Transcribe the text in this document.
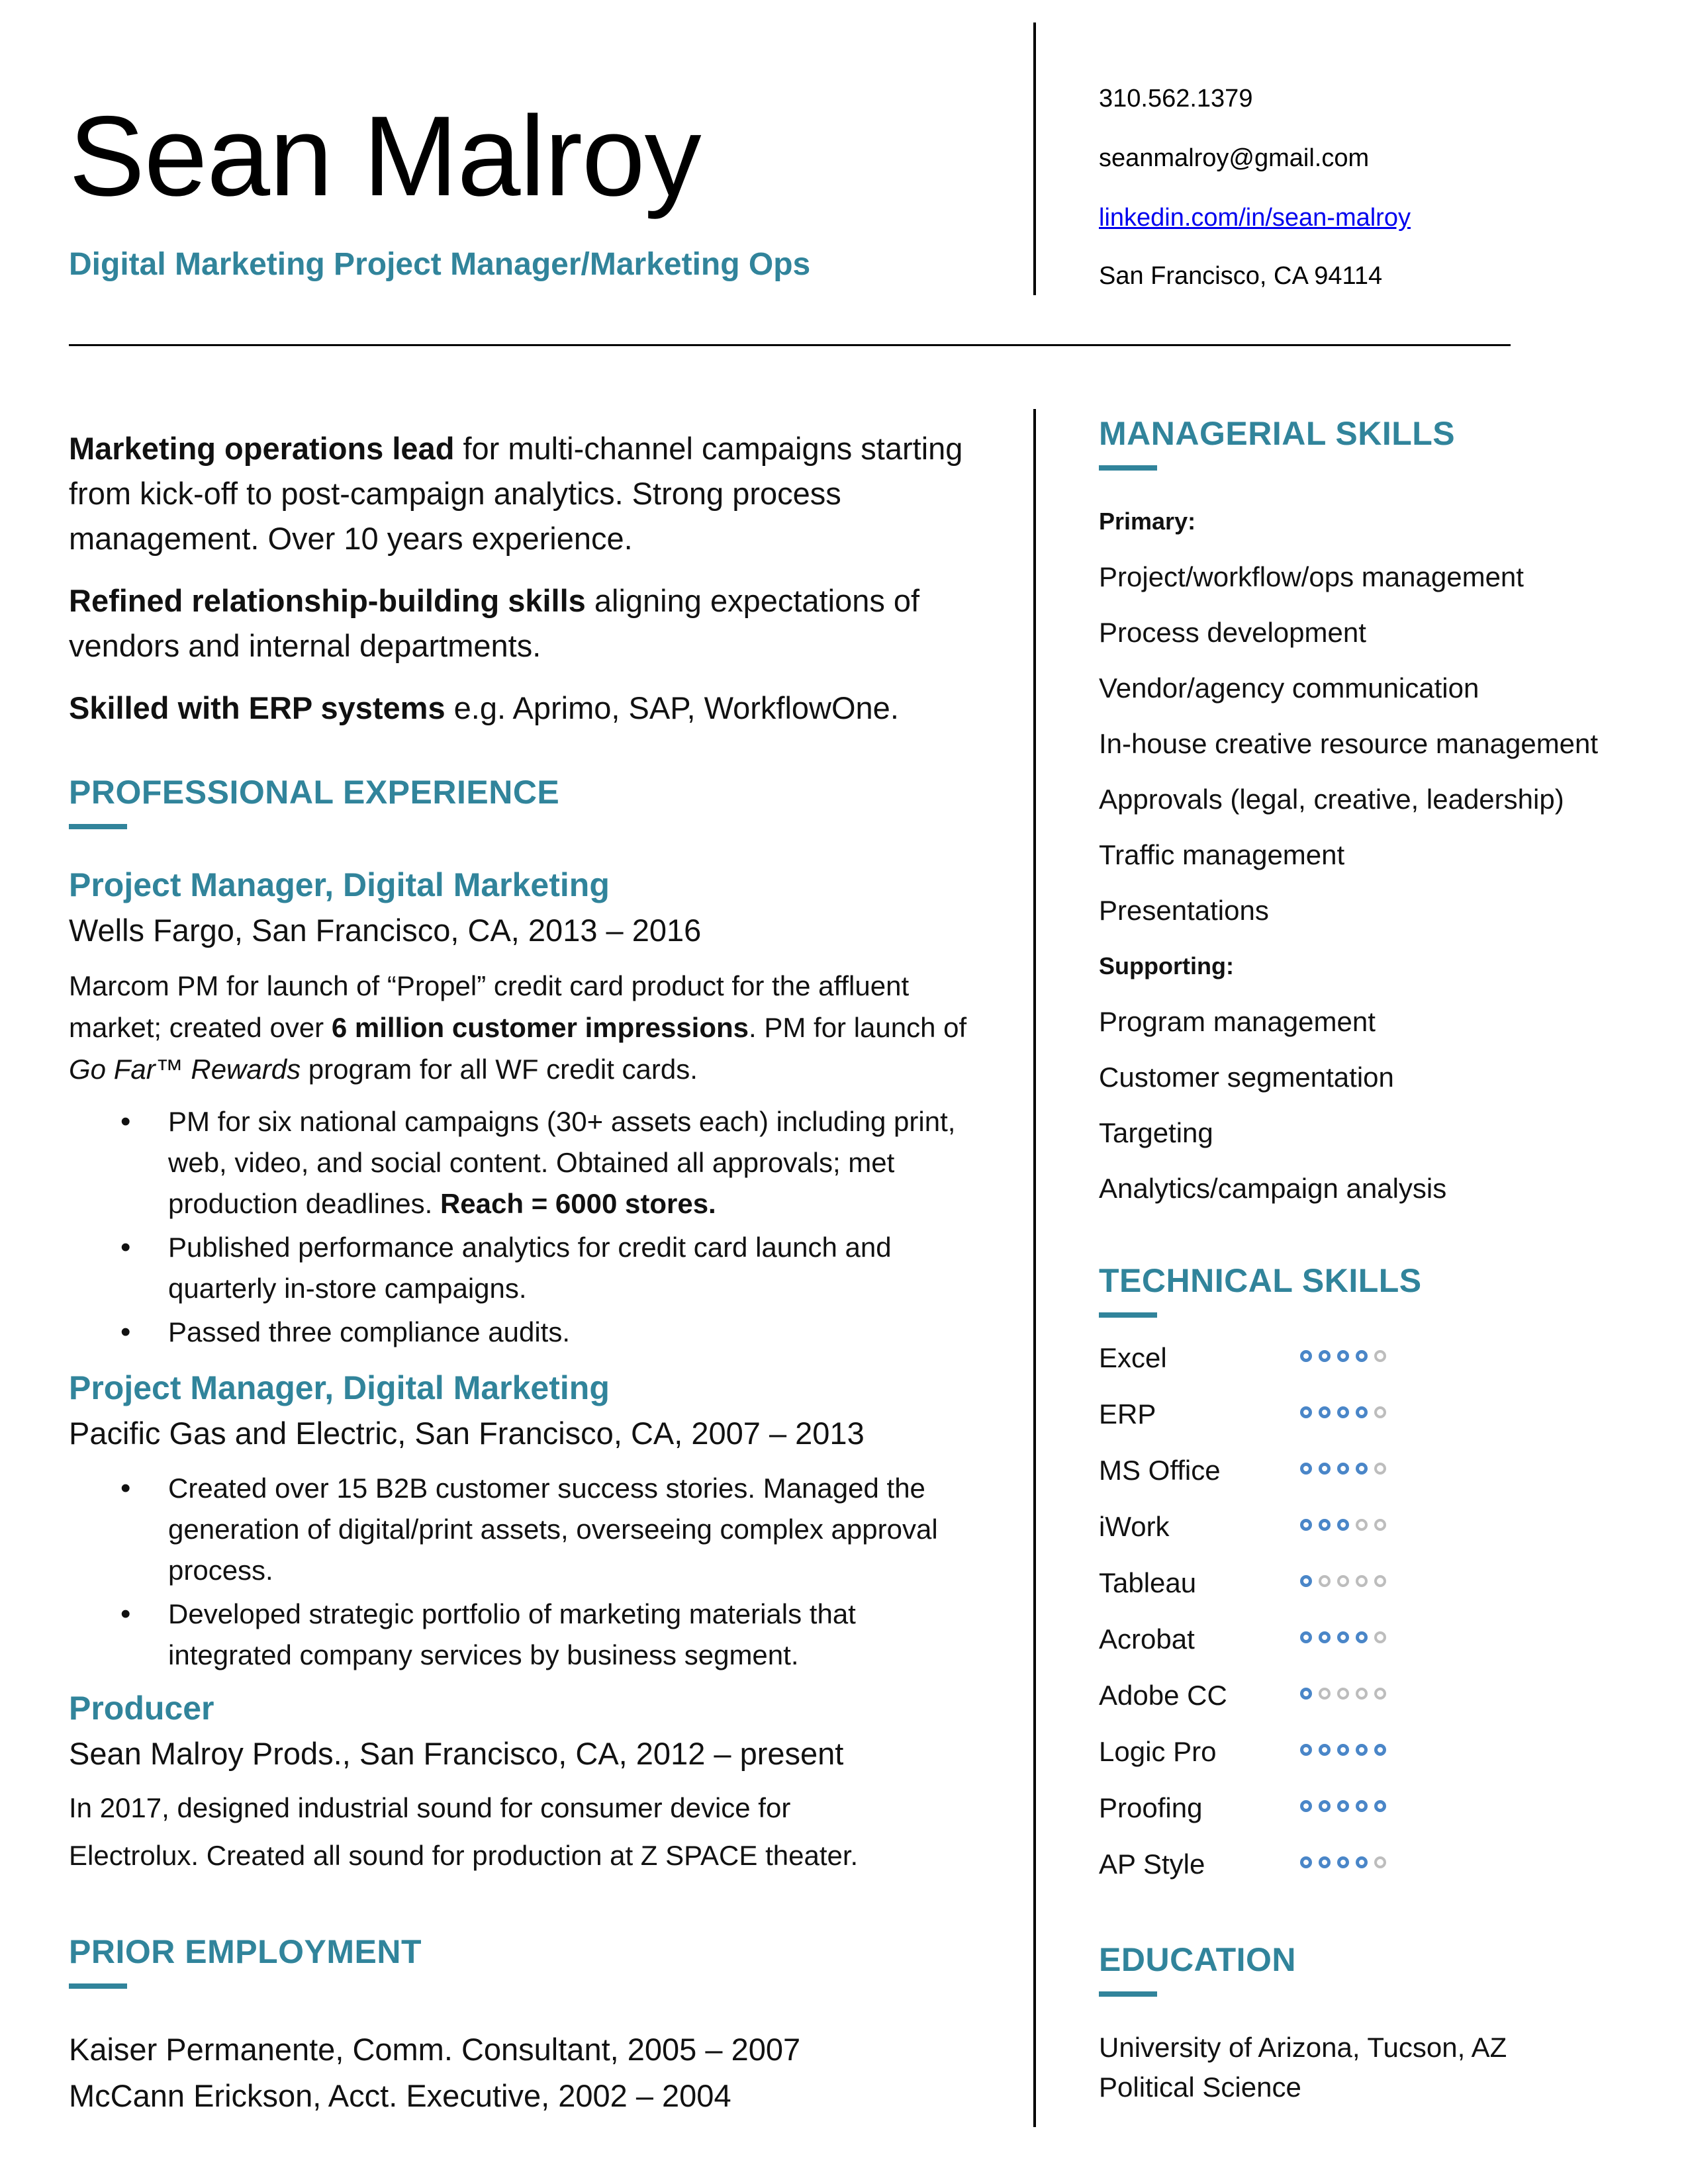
Sean Malroy
Digital Marketing Project Manager/Marketing Ops
310.562.1379
seanmalroy@gmail.com
linkedin.com/in/sean-malroy
San Francisco, CA 94114

Marketing operations lead for multi-channel campaigns starting from kick-off to post-campaign analytics. Strong process management. Over 10 years experience.

Refined relationship-building skills aligning expectations of vendors and internal departments.

Skilled with ERP systems e.g. Aprimo, SAP, WorkflowOne.

PROFESSIONAL EXPERIENCE
Project Manager, Digital Marketing
Wells Fargo, San Francisco, CA, 2013 – 2016
Marcom PM for launch of “Propel” credit card product for the affluent market; created over 6 million customer impressions. PM for launch of Go Far™ Rewards program for all WF credit cards.
• PM for six national campaigns (30+ assets each) including print, web, video, and social content. Obtained all approvals; met production deadlines. Reach = 6000 stores.
• Published performance analytics for credit card launch and quarterly in-store campaigns.
• Passed three compliance audits.
Project Manager, Digital Marketing
Pacific Gas and Electric, San Francisco, CA, 2007 – 2013
• Created over 15 B2B customer success stories. Managed the generation of digital/print assets, overseeing complex approval process.
• Developed strategic portfolio of marketing materials that integrated company services by business segment.
Producer
Sean Malroy Prods., San Francisco, CA, 2012 – present
In 2017, designed industrial sound for consumer device for
Electrolux. Created all sound for production at Z SPACE theater.
PRIOR EMPLOYMENT
Kaiser Permanente, Comm. Consultant, 2005 – 2007
McCann Erickson, Acct. Executive, 2002 – 2004
MANAGERIAL SKILLS
Primary:
Project/workflow/ops management
Process development
Vendor/agency communication
In-house creative resource management
Approvals (legal, creative, leadership)
Traffic management
Presentations
Supporting:
Program management
Customer segmentation
Targeting
Analytics/campaign analysis
TECHNICAL SKILLS
Excel
ERP
MS Office
iWork
Tableau
Acrobat
Adobe CC
Logic Pro
Proofing
AP Style
EDUCATION
University of Arizona, Tucson, AZ
Political Science
